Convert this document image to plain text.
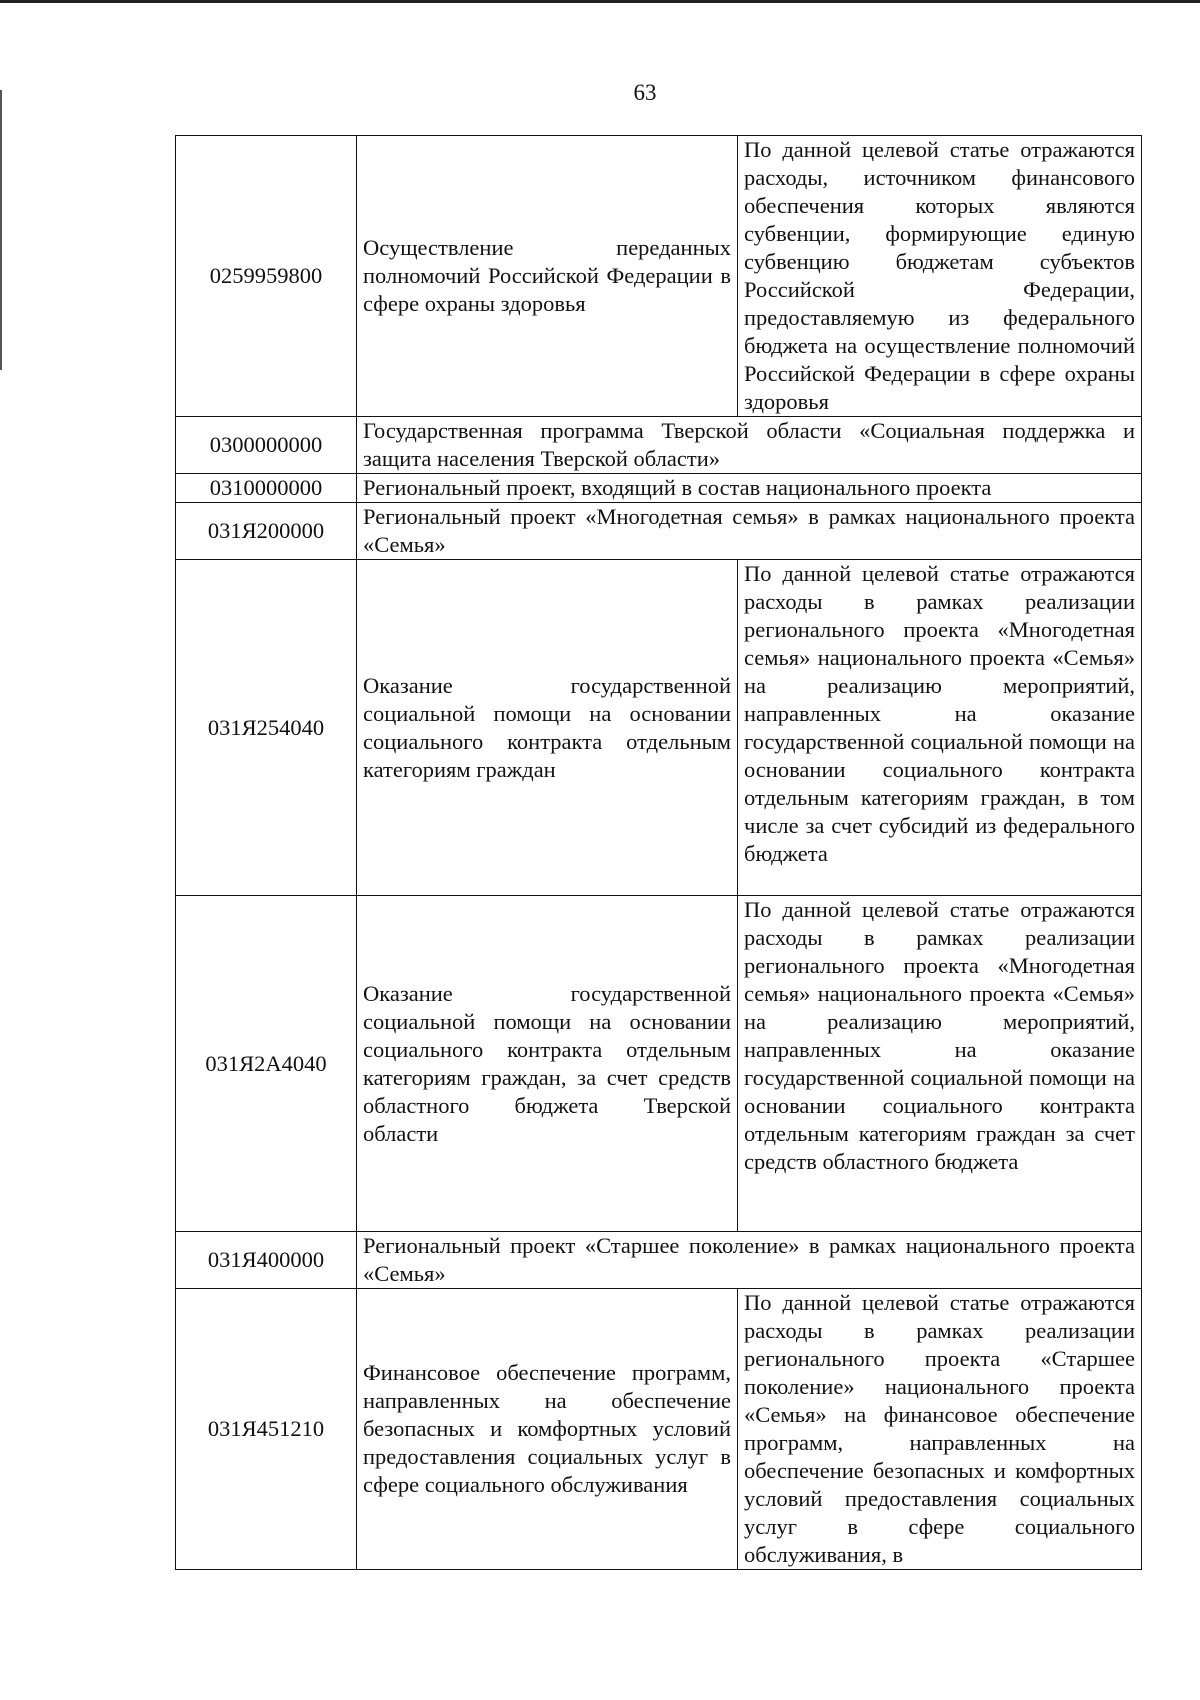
63
0259959800	Осуществление переданных полномочий Российской Федерации в сфере охраны здоровья	По данной целевой статье отражаются расходы, источником финансового обеспечения которых являются субвенции, формирующие единую субвенцию бюджетам субъектов Российской Федерации, предоставляемую из федерального бюджета на осуществление полномочий Российской Федерации в сфере охраны здоровья
0300000000	Государственная программа Тверской области «Социальная поддержка и защита населения Тверской области»	
0310000000	Региональный проект, входящий в состав национального проекта	
031Я200000	Региональный проект «Многодетная семья» в рамках национального проекта «Семья»	
031Я254040	Оказание государственной социальной помощи на основании социального контракта отдельным категориям граждан	По данной целевой статье отражаются расходы в рамках реализации регионального проекта «Многодетная семья» национального проекта «Семья» на реализацию мероприятий, направленных на оказание государственной социальной помощи на основании социального контракта отдельным категориям граждан, в том числе за счет субсидий из федерального бюджета
031Я2А4040	Оказание государственной социальной помощи на основании социального контракта отдельным категориям граждан, за счет средств областного бюджета Тверской области	По данной целевой статье отражаются расходы в рамках реализации регионального проекта «Многодетная семья» национального проекта «Семья» на реализацию мероприятий, направленных на оказание государственной социальной помощи на основании социального контракта отдельным категориям граждан за счет средств областного бюджета
031Я400000	Региональный проект «Старшее поколение» в рамках национального проекта «Семья»	
031Я451210	Финансовое обеспечение программ, направленных на обеспечение безопасных и комфортных условий предоставления социальных услуг в сфере социального обслуживания	По данной целевой статье отражаются расходы в рамках реализации регионального проекта «Старшее поколение» национального проекта «Семья» на финансовое обеспечение программ, направленных на обеспечение безопасных и комфортных условий предоставления социальных услуг в сфере социального обслуживания, в
